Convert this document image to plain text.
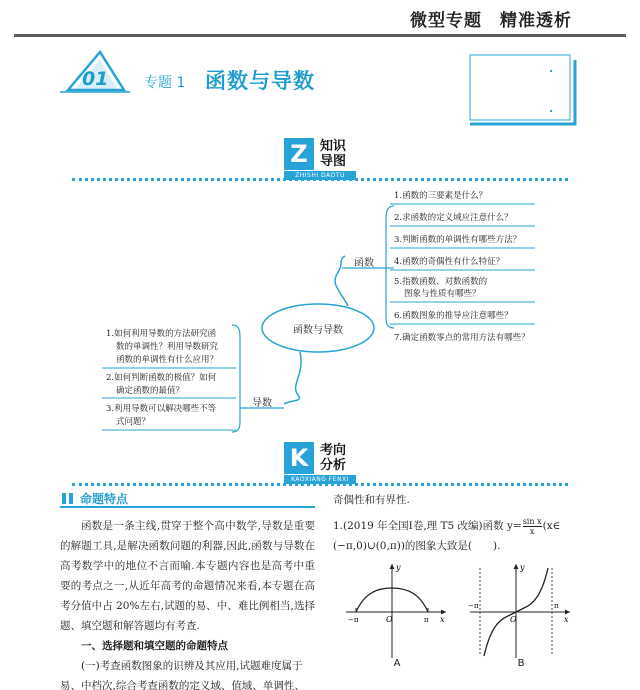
微型专题　精准透析
01	专题 1 函数与导数
Z 知识导图
ZHISHI DAOTU
函数与导数
函数
导数
1.函数的三要素是什么？
2.求函数的定义域应注意什么？
3.判断函数的单调性有哪些方法？
4.函数的奇偶性有什么特征？
5.指数函数、对数函数的
图象与性质有哪些？
6.函数图象的推导应注意哪些？
7.确定函数零点的常用方法有哪些？
1.如何利用导数的方法研究函
数的单调性？利用导数研究
函数的单调性有什么应用？
2.如何判断函数的极值？如何
确定函数的最值？
3.利用导数可以解决哪些不等
式问题？
K 考向分析
KAOXIANG FENXI
命题特点

函数是一条主线,贯穿于整个高中数学,导数是重要的解题工具,是解决函数问题的利器,因此,函数与导数在高考数学中的地位不言而喻.本专题内容也是高考中重要的考点之一,从近年高考的命题情况来看,本专题在高考分值中占 20%左右,试题的易、中、难比例相当,选择题、填空题和解答题均有考查.

一、选择题和填空题的命题特点

(一)考查函数图象的识辨及其应用,试题难度属于易、中档次,综合考查函数的定义域、值域、单调性、

奇偶性和有界性.
1.(2019 年全国Ⅰ卷,理 T5 改编)函数 $y= \frac{\text{sin x}}{x}$ (x∈
(−π,0)∪(0,π))的图象大致是(　　).
y
x
O
−π	π
A
y
x
O
−π	π
B
